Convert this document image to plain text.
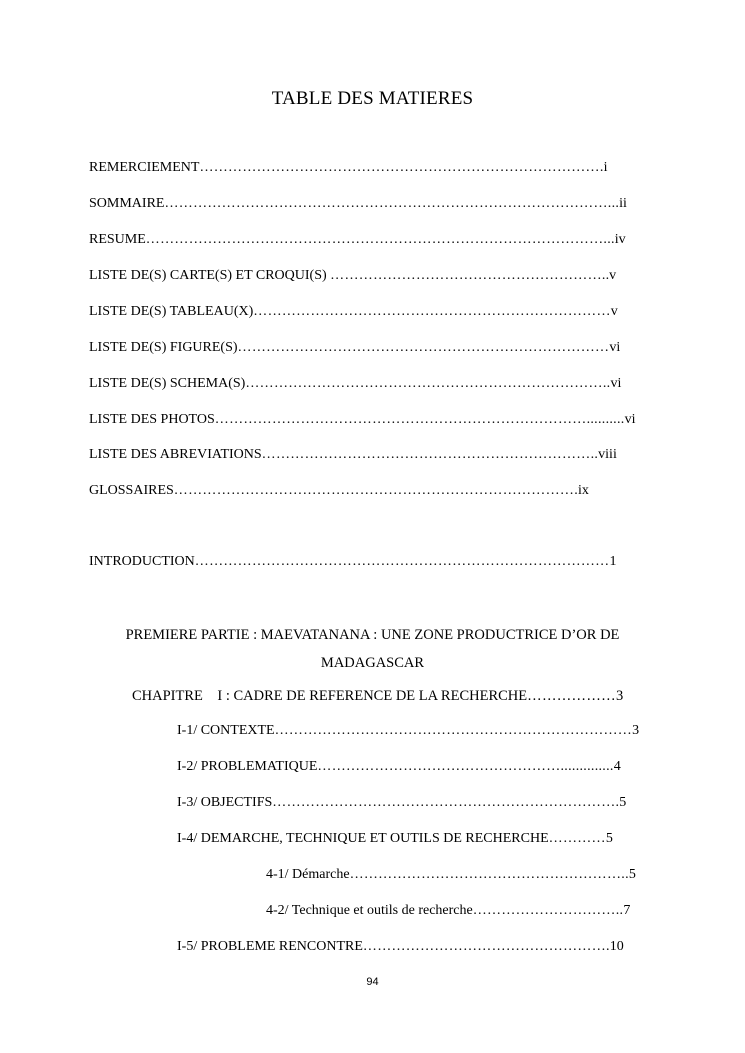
TABLE DES MATIERES
REMERCIEMENT………………………………………………………………………….i
SOMMAIRE…………………………………………………………………………………...ii
RESUME……………………………………………………………………………………...iv
LISTE DE(S) CARTE(S) ET CROQUI(S) …………………………………………………..v
LISTE DE(S) TABLEAU(X)…………………………………………………………………v
LISTE DE(S) FIGURE(S)……………………………………………………………………vi
LISTE DE(S) SCHEMA(S)…………………………………………………………………..vi
LISTE DES PHOTOS……………………………………………………………………..........vi
LISTE DES ABREVIATIONS……………………………………………………………..viii
GLOSSAIRES………………………………………………………………………….ix
INTRODUCTION……………………………………………………………………………1
PREMIERE PARTIE : MAEVATANANA : UNE ZONE PRODUCTRICE D’OR DE
MADAGASCAR
CHAPITRE    I : CADRE DE REFERENCE DE LA RECHERCHE………………3
I-1/ CONTEXTE…………………………………………………………………3
I-2/ PROBLEMATIQUE……………………………………………..............4
I-3/ OBJECTIFS……………………………………………………………….5
I-4/ DEMARCHE, TECHNIQUE ET OUTILS DE RECHERCHE…………5
4-1/ Démarche…………………………………………………..5
4-2/ Technique et outils de recherche…………………………..7
I-5/ PROBLEME RENCONTRE…………………………………………….10
94
